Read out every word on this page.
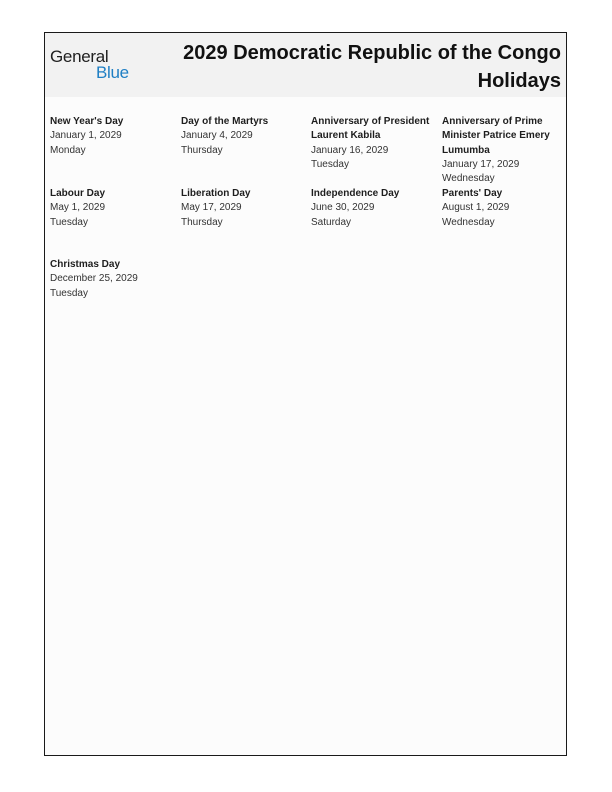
General
Blue
2029 Democratic Republic of the Congo Holidays
New Year's Day
January 1, 2029
Monday
Day of the Martyrs
January 4, 2029
Thursday
Anniversary of President Laurent Kabila
January 16, 2029
Tuesday
Anniversary of Prime Minister Patrice Emery Lumumba
January 17, 2029
Wednesday
Labour Day
May 1, 2029
Tuesday
Liberation Day
May 17, 2029
Thursday
Independence Day
June 30, 2029
Saturday
Parents' Day
August 1, 2029
Wednesday
Christmas Day
December 25, 2029
Tuesday
